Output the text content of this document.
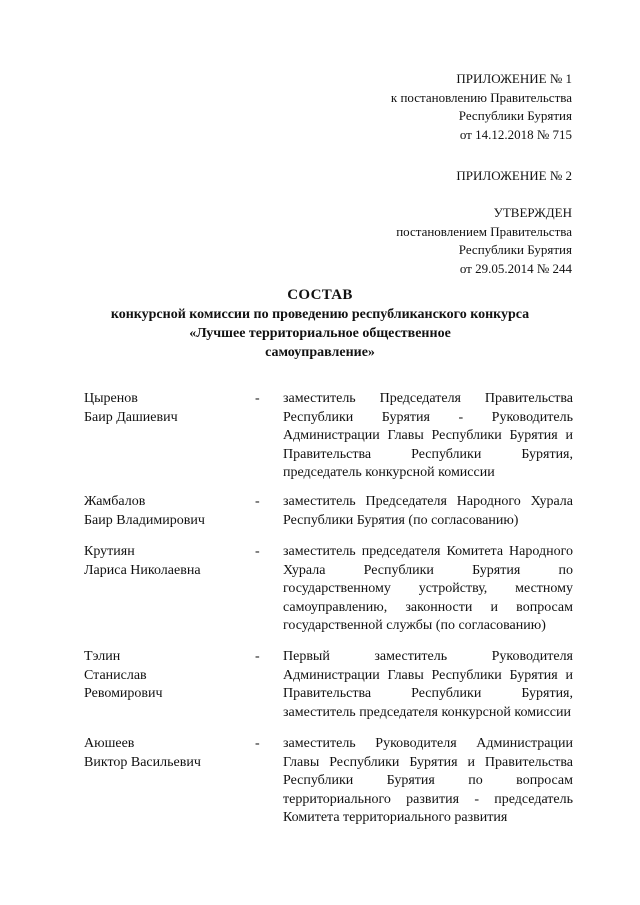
ПРИЛОЖЕНИЕ № 1
к постановлению Правительства
Республики Бурятия
от 14.12.2018 № 715
ПРИЛОЖЕНИЕ № 2

УТВЕРЖДЕН
постановлением Правительства
Республики Бурятия
от 29.05.2014 № 244
СОСТАВ
конкурсной комиссии по проведению республиканского конкурса
«Лучшее территориальное общественное
самоуправление»
Цыренов
Баир Дашиевич
-	заместитель Председателя Правительства Республики Бурятия - Руководитель Администрации Главы Республики Бурятия и Правительства Республики Бурятия, председатель конкурсной комиссии
Жамбалов
Баир Владимирович
-	заместитель Председателя Народного Хурала Республики Бурятия (по согласованию)
Крутиян
Лариса Николаевна
-	заместитель председателя Комитета Народного Хурала Республики Бурятия по государственному устройству, местному самоуправлению, законности и вопросам государственной службы (по согласованию)
Тэлин
Станислав
Ревомирович
-	Первый заместитель Руководителя Администрации Главы Республики Бурятия и Правительства Республики Бурятия, заместитель председателя конкурсной комиссии
Аюшеев
Виктор Васильевич
-	заместитель Руководителя Администрации Главы Республики Бурятия и Правительства Республики Бурятия по вопросам территориального развития - председатель Комитета территориального развития
